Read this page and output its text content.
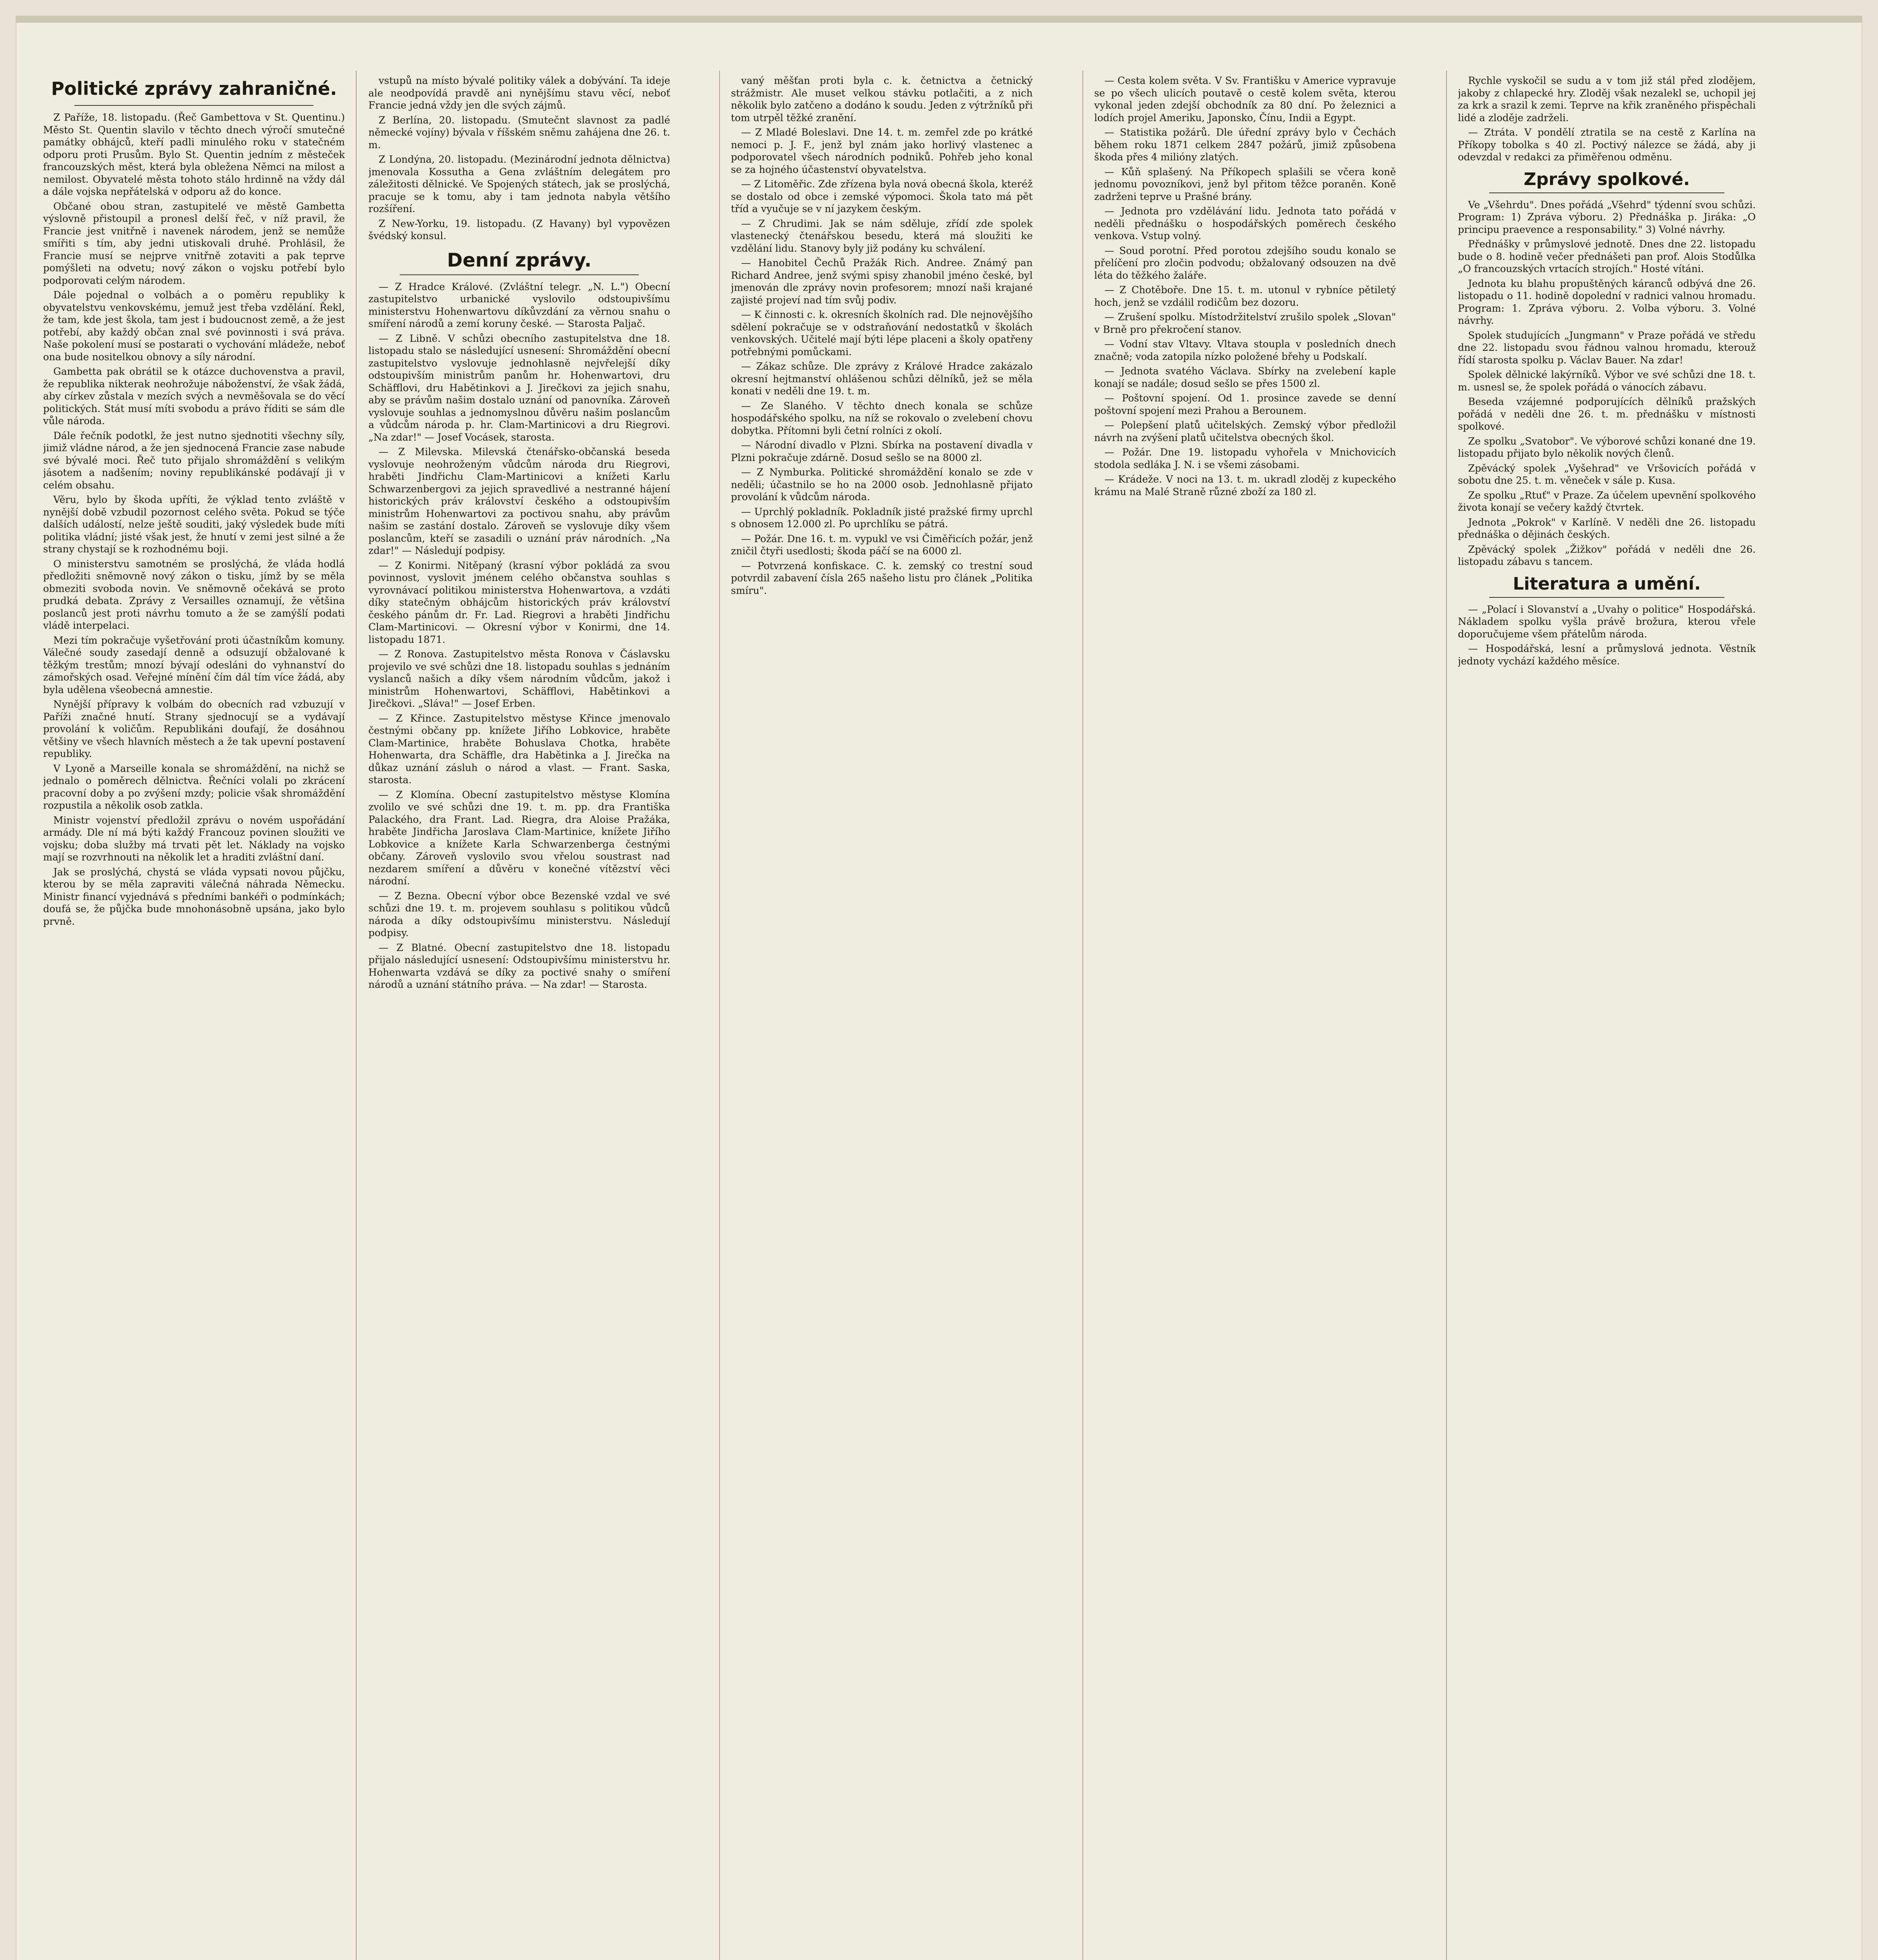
Politické zprávy zahraničné.

Z Paříže, 18. listopadu. (Řeč Gambettova v St. Quentinu.) Město St. Quentin slavilo v těchto dnech výročí smutečné památky obhájců, kteří padli minulého roku v statečném odporu proti Prusům. Bylo St. Quentin jedním z městeček francouzských měst, která byla obležena Němci na milost a nemilost. Obyvatelé města tohoto stálo hrdinně na vždy dál a dále vojska nepřátelská v odporu až do konce.

Občané obou stran, zastupitelé ve městě Gambetta výslovně přistoupil a pronesl delší řeč, v níž pravil, že Francie jest vnitřně i navenek národem, jenž se nemůže smířiti s tím, aby jedni utiskovali druhé. Prohlásil, že Francie musí se nejprve vnitřně zotaviti a pak teprve pomýšleti na odvetu; nový zákon o vojsku potřebí bylo podporovati celým národem.

Dále pojednal o volbách a o poměru republiky k obyvatelstvu venkovskému, jemuž jest třeba vzdělání. Řekl, že tam, kde jest škola, tam jest i budoucnost země, a že jest potřebí, aby každý občan znal své povinnosti i svá práva. Naše pokolení musí se postarati o vychování mládeže, neboť ona bude nositelkou obnovy a síly národní.

Gambetta pak obrátil se k otázce duchovenstva a pravil, že republika nikterak neohrožuje náboženství, že však žádá, aby církev zůstala v mezích svých a nevměšovala se do věcí politických. Stát musí míti svobodu a právo říditi se sám dle vůle národa.

Dále řečník podotkl, že jest nutno sjednotiti všechny síly, jimiž vládne národ, a že jen sjednocená Francie zase nabude své bývalé moci. Řeč tuto přijalo shromáždění s velikým jásotem a nadšením; noviny republikánské podávají ji v celém obsahu.

Věru, bylo by škoda upříti, že výklad tento zvláště v nynější době vzbudil pozornost celého světa. Pokud se týče dalších událostí, nelze ještě souditi, jaký výsledek bude míti politika vládní; jisté však jest, že hnutí v zemi jest silné a že strany chystají se k rozhodnému boji.

O ministerstvu samotném se proslýchá, že vláda hodlá předložiti sněmovně nový zákon o tisku, jímž by se měla obmeziti svoboda novin. Ve sněmovně očekává se proto prudká debata. Zprávy z Versailles oznamují, že většina poslanců jest proti návrhu tomuto a že se zamýšlí podati vládě interpelaci.

Mezi tím pokračuje vyšetřování proti účastníkům komuny. Válečné soudy zasedají denně a odsuzují obžalované k těžkým trestům; mnozí bývají odesláni do vyhnanství do zámořských osad. Veřejné mínění čím dál tím více žádá, aby byla udělena všeobecná amnestie.

Nynější přípravy k volbám do obecních rad vzbuzují v Paříži značné hnutí. Strany sjednocují se a vydávají provolání k voličům. Republikáni doufají, že dosáhnou většiny ve všech hlavních městech a že tak upevní postavení republiky.

V Lyoně a Marseille konala se shromáždění, na nichž se jednalo o poměrech dělnictva. Řečníci volali po zkrácení pracovní doby a po zvýšení mzdy; policie však shromáždění rozpustila a několik osob zatkla.

Ministr vojenství předložil zprávu o novém uspořádání armády. Dle ní má býti každý Francouz povinen sloužiti ve vojsku; doba služby má trvati pět let. Náklady na vojsko mají se rozvrhnouti na několik let a hraditi zvláštní daní.

Jak se proslýchá, chystá se vláda vypsati novou půjčku, kterou by se měla zapraviti válečná náhrada Německu. Ministr financí vyjednává s předními bankéři o podmínkách; doufá se, že půjčka bude mnohonásobně upsána, jako bylo prvně.

vstupů na místo bývalé politiky válek a dobývání. Ta ideje ale neodpovídá pravdě ani nynějšímu stavu věcí, neboť Francie jedná vždy jen dle svých zájmů.

Z Berlína, 20. listopadu. (Smutečnt slavnost za padlé německé vojíny) bývala v říšském sněmu zahájena dne 26. t. m.

Z Londýna, 20. listopadu. (Mezinárodní jednota dělnictva) jmenovala Kossutha a Gena zvláštním delegátem pro záležitosti dělnické. Ve Spojených státech, jak se proslýchá, pracuje se k tomu, aby i tam jednota nabyla většího rozšíření.

Z New-Yorku, 19. listopadu. (Z Havany) byl vypovězen švédský konsul.

Denní zprávy.

— Z Hradce Králové. (Zvláštní telegr. „N. L.") Obecní zastupitelstvo urbanické vyslovilo odstoupivšímu ministerstvu Hohenwartovu díkůvzdání za věrnou snahu o smíření národů a zemí koruny české. — Starosta Paljač.

— Z Libně. V schůzi obecního zastupitelstva dne 18. listopadu stalo se následující usnesení: Shromáždění obecní zastupitelstvo vyslovuje jednohlasně nejvřelejší díky odstoupivším ministrům panům hr. Hohenwartovi, dru Schäfflovi, dru Habětinkovi a J. Jirečkovi za jejich snahu, aby se právům našim dostalo uznání od panovníka. Zároveň vyslovuje souhlas a jednomyslnou důvěru našim poslancům a vůdcům národa p. hr. Clam-Martinicovi a dru Riegrovi. „Na zdar!" — Josef Vocásek, starosta.

— Z Milevska. Milevská čtenářsko-občanská beseda vyslovuje neohroženým vůdcům národa dru Riegrovi, hraběti Jindřichu Clam-Martinicovi a knížeti Karlu Schwarzenbergovi za jejich spravedlivé a nestranné hájení historických práv království českého a odstoupivším ministrům Hohenwartovi za poctivou snahu, aby právům našim se zastání dostalo. Zároveň se vyslovuje díky všem poslancům, kteří se zasadili o uznání práv národních. „Na zdar!" — Následují podpisy.

— Z Konirmi. Nitěpaný (krasní výbor pokládá za svou povinnost, vyslovit jménem celého občanstva souhlas s vyrovnávací politikou ministerstva Hohenwartova, a vzdáti díky statečným obhájcům historických práv království českého pánům dr. Fr. Lad. Riegrovi a hraběti Jindřichu Clam-Martinicovi. — Okresní výbor v Konirmi, dne 14. listopadu 1871.

— Z Ronova. Zastupitelstvo města Ronova v Čáslavsku projevilo ve své schůzi dne 18. listopadu souhlas s jednáním vyslanců našich a díky všem národním vůdcům, jakož i ministrům Hohenwartovi, Schäfflovi, Habětinkovi a Jirečkovi. „Sláva!" — Josef Erben.

— Z Křince. Zastupitelstvo městyse Křince jmenovalo čestnými občany pp. knížete Jiřího Lobkovice, hraběte Clam-Martinice, hraběte Bohuslava Chotka, hraběte Hohenwarta, dra Schäffle, dra Habětinka a J. Jirečka na důkaz uznání zásluh o národ a vlast. — Frant. Saska, starosta.

— Z Klomína. Obecní zastupitelstvo městyse Klomína zvolilo ve své schůzi dne 19. t. m. pp. dra Františka Palackého, dra Frant. Lad. Riegra, dra Aloise Pražáka, hraběte Jindřicha Jaroslava Clam-Martinice, knížete Jiřího Lobkovice a knížete Karla Schwarzenberga čestnými občany. Zároveň vyslovilo svou vřelou soustrast nad nezdarem smíření a důvěru v konečné vítězství věci národní.

— Z Bezna. Obecní výbor obce Bezenské vzdal ve své schůzi dne 19. t. m. projevem souhlasu s politikou vůdců národa a díky odstoupivšímu ministerstvu. Následují podpisy.

— Z Blatné. Obecní zastupitelstvo dne 18. listopadu přijalo následující usnesení: Odstoupivšímu ministerstvu hr. Hohenwarta vzdává se díky za poctivé snahy o smíření národů a uznání státního práva. — Na zdar! — Starosta.

vaný měšťan proti byla c. k. četnictva a četnický strážmistr. Ale muset velkou stávku potlačiti, a z nich několik bylo zatčeno a dodáno k soudu. Jeden z výtržníků při tom utrpěl těžké zranění.

— Z Mladé Boleslavi. Dne 14. t. m. zemřel zde po krátké nemoci p. J. F., jenž byl znám jako horlivý vlastenec a podporovatel všech národních podniků. Pohřeb jeho konal se za hojného účastenství obyvatelstva.

— Z Litoměřic. Zde zřízena byla nová obecná škola, kteréž se dostalo od obce i zemské výpomoci. Škola tato má pět tříd a vyučuje se v ní jazykem českým.

— Z Chrudimi. Jak se nám sděluje, zřídí zde spolek vlastenecký čtenářskou besedu, která má sloužiti ke vzdělání lidu. Stanovy byly již podány ku schválení.

— Hanobitel Čechů Pražák Rich. Andree. Známý pan Richard Andree, jenž svými spisy zhanobil jméno české, byl jmenován dle zprávy novin profesorem; mnozí naši krajané zajisté projeví nad tím svůj podiv.

— K činnosti c. k. okresních školních rad. Dle nejnovějšího sdělení pokračuje se v odstraňování nedostatků v školách venkovských. Učitelé mají býti lépe placeni a školy opatřeny potřebnými pomůckami.

— Zákaz schůze. Dle zprávy z Králové Hradce zakázalo okresní hejtmanství ohlášenou schůzi dělníků, jež se měla konati v neděli dne 19. t. m.

— Ze Slaného. V těchto dnech konala se schůze hospodářského spolku, na níž se rokovalo o zvelebení chovu dobytka. Přítomni byli četní rolníci z okolí.

— Národní divadlo v Plzni. Sbírka na postavení divadla v Plzni pokračuje zdárně. Dosud sešlo se na 8000 zl.

— Z Nymburka. Politické shromáždění konalo se zde v neděli; účastnilo se ho na 2000 osob. Jednohlasně přijato provolání k vůdcům národa.

— Uprchlý pokladník. Pokladník jisté pražské firmy uprchl s obnosem 12.000 zl. Po uprchlíku se pátrá.

— Požár. Dne 16. t. m. vypukl ve vsi Čiměřicích požár, jenž zničil čtyři usedlosti; škoda páčí se na 6000 zl.

— Potvrzená konfiskace. C. k. zemský co trestní soud potvrdil zabavení čísla 265 našeho listu pro článek „Politika smíru".

— Cesta kolem světa. V Sv. Františku v Americe vypravuje se po všech ulicích poutavě o cestě kolem světa, kterou vykonal jeden zdejší obchodník za 80 dní. Po železnici a lodích projel Ameriku, Japonsko, Čínu, Indii a Egypt.

— Statistika požárů. Dle úřední zprávy bylo v Čechách během roku 1871 celkem 2847 požárů, jimiž způsobena škoda přes 4 milióny zlatých.

— Kůň splašený. Na Příkopech splašili se včera koně jednomu povozníkovi, jenž byl přitom těžce poraněn. Koně zadrženi teprve u Prašné brány.

— Jednota pro vzdělávání lidu. Jednota tato pořádá v neděli přednášku o hospodářských poměrech českého venkova. Vstup volný.

— Soud porotní. Před porotou zdejšího soudu konalo se přelíčení pro zločin podvodu; obžalovaný odsouzen na dvě léta do těžkého žaláře.

— Z Chotěboře. Dne 15. t. m. utonul v rybníce pětiletý hoch, jenž se vzdálil rodičům bez dozoru.

— Zrušení spolku. Místodržitelství zrušilo spolek „Slovan" v Brně pro překročení stanov.

— Vodní stav Vltavy. Vltava stoupla v posledních dnech značně; voda zatopila nízko položené břehy u Podskalí.

— Jednota svatého Václava. Sbírky na zvelebení kaple konají se nadále; dosud sešlo se přes 1500 zl.

— Poštovní spojení. Od 1. prosince zavede se denní poštovní spojení mezi Prahou a Berounem.

— Polepšení platů učitelských. Zemský výbor předložil návrh na zvýšení platů učitelstva obecných škol.

— Požár. Dne 19. listopadu vyhořela v Mnichovicích stodola sedláka J. N. i se všemi zásobami.

— Krádeže. V noci na 13. t. m. ukradl zloděj z kupeckého krámu na Malé Straně různé zboží za 180 zl.

Rychle vyskočil se sudu a v tom již stál před zlodějem, jakoby z chlapecké hry. Zloděj však nezalekl se, uchopil jej za krk a srazil k zemi. Teprve na křik zraněného přispěchali lidé a zloděje zadrželi.

— Ztráta. V pondělí ztratila se na cestě z Karlína na Příkopy tobolka s 40 zl. Poctivý nálezce se žádá, aby ji odevzdal v redakci za přiměřenou odměnu.

Zprávy spolkové.

Ve „Všehrdu". Dnes pořádá „Všehrd" týdenní svou schůzi. Program: 1) Zpráva výboru. 2) Přednáška p. Jiráka: „O principu praevence a responsability." 3) Volné návrhy.

Přednášky v průmyslové jednotě. Dnes dne 22. listopadu bude o 8. hodině večer přednášeti pan prof. Alois Stodůlka „O francouzských vrtacích strojích." Hosté vítáni.

Jednota ku blahu propuštěných káranců odbývá dne 26. listopadu o 11. hodině dopolední v radnici valnou hromadu. Program: 1. Zpráva výboru. 2. Volba výboru. 3. Volné návrhy.

Spolek studujících „Jungmann" v Praze pořádá ve středu dne 22. listopadu svou řádnou valnou hromadu, kterouž řídí starosta spolku p. Václav Bauer. Na zdar!

Spolek dělnické lakýrníků. Výbor ve své schůzi dne 18. t. m. usnesl se, že spolek pořádá o vánocích zábavu.

Beseda vzájemné podporujících dělníků pražských pořádá v neděli dne 26. t. m. přednášku v místnosti spolkové.

Ze spolku „Svatobor". Ve výborové schůzi konané dne 19. listopadu přijato bylo několik nových členů.

Zpěvácký spolek „Vyšehrad" ve Vršovicích pořádá v sobotu dne 25. t. m. věneček v sále p. Kusa.

Ze spolku „Rtuť" v Praze. Za účelem upevnění spolkového života konají se večery každý čtvrtek.

Jednota „Pokrok" v Karlíně. V neděli dne 26. listopadu přednáška o dějinách českých.

Zpěvácký spolek „Žižkov" pořádá v neděli dne 26. listopadu zábavu s tancem.

Literatura a umění.

— „Polací i Slovanství a „Uvahy o politice" Hospodářská. Nákladem spolku vyšla právě brožura, kterou vřele doporučujeme všem přátelům národa.

— Hospodářská, lesní a průmyslová jednota. Věstník jednoty vychází každého měsíce.
